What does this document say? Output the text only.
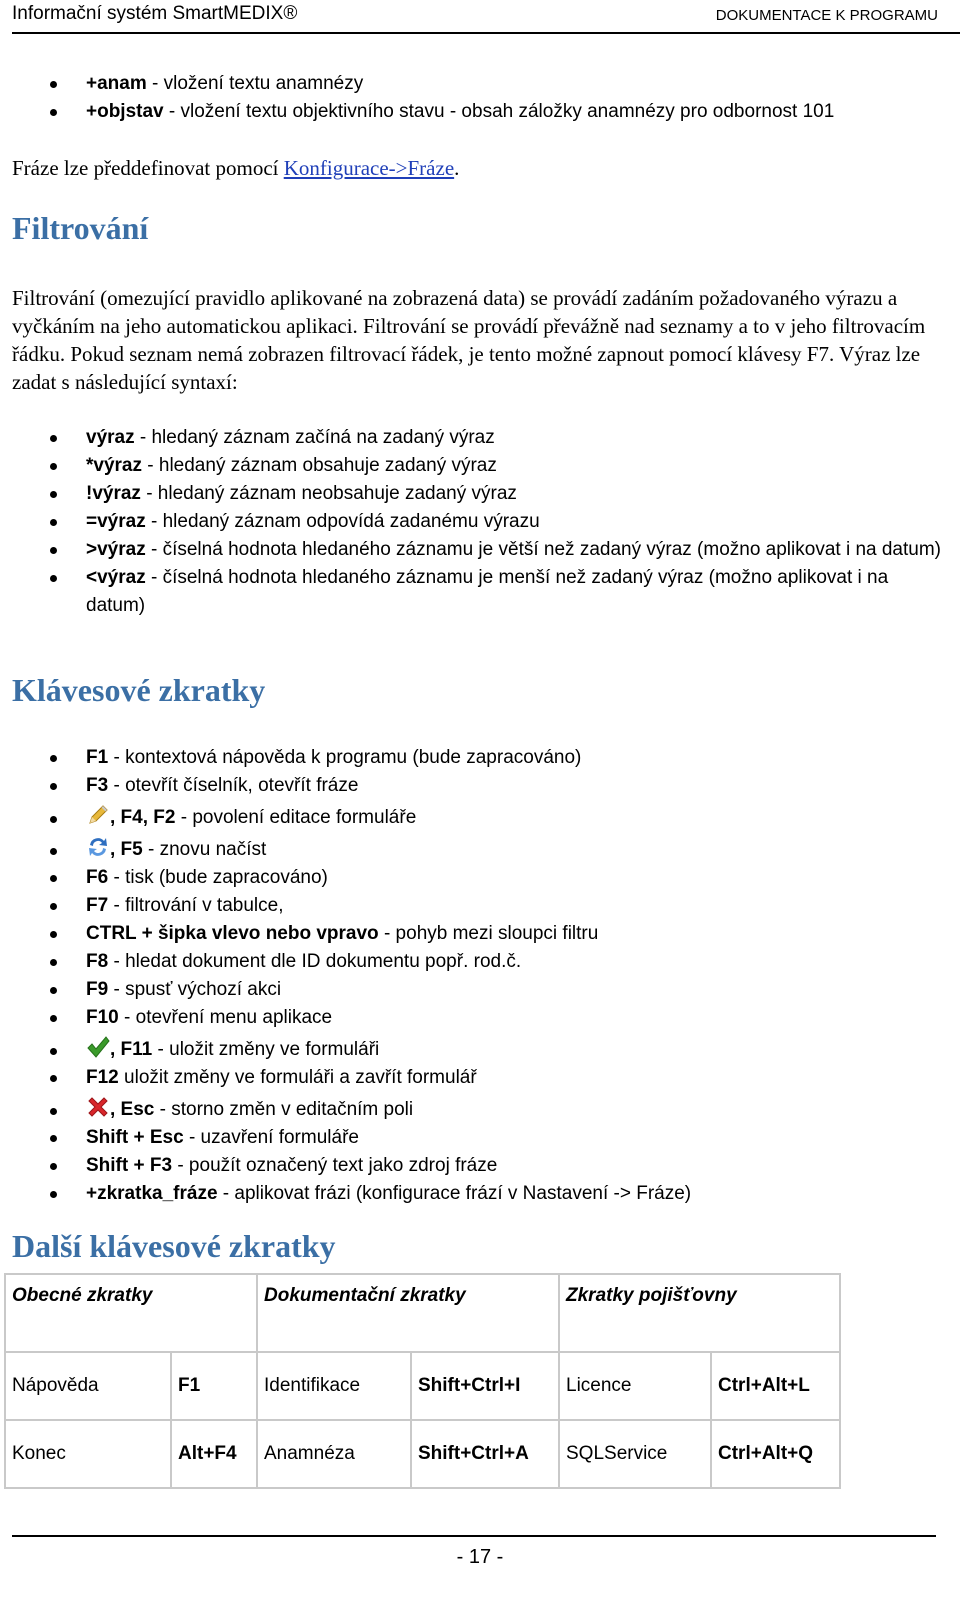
Informační systém SmartMEDIX®	DOKUMENTACE K PROGRAMU
+anam - vložení textu anamnézy
+objstav - vložení textu objektivního stavu - obsah záložky anamnézy pro odbornost 101
Fráze lze předdefinovat pomocí Konfigurace->Fráze.
Filtrování
Filtrování (omezující pravidlo aplikované na zobrazená data) se provádí zadáním požadovaného výrazu a vyčkáním na jeho automatickou aplikaci. Filtrování se provádí převážně nad seznamy a to v jeho filtrovacím řádku. Pokud seznam nemá zobrazen filtrovací řádek, je tento možné zapnout pomocí klávesy F7. Výraz lze zadat s následující syntaxí:
výraz - hledaný záznam začíná na zadaný výraz
*výraz - hledaný záznam obsahuje zadaný výraz
!výraz - hledaný záznam neobsahuje zadaný výraz
=výraz - hledaný záznam odpovídá zadanému výrazu
>výraz - číselná hodnota hledaného záznamu je větší než zadaný výraz (možno aplikovat i na datum)
<výraz - číselná hodnota hledaného záznamu je menší než zadaný výraz (možno aplikovat i na datum)
Klávesové zkratky
F1 - kontextová nápověda k programu (bude zapracováno)
F3 - otevřít číselník, otevřít fráze
, F4, F2 - povolení editace formuláře
, F5 - znovu načíst
F6 - tisk (bude zapracováno)
F7 - filtrování v tabulce,
CTRL + šipka vlevo nebo vpravo - pohyb mezi sloupci filtru
F8 - hledat dokument dle ID dokumentu popř. rod.č.
F9 - spusť výchozí akci
F10 - otevření menu aplikace
, F11 - uložit změny ve formuláři
F12 uložit změny ve formuláři a zavřít formulář
, Esc - storno změn v editačním poli
Shift + Esc - uzavření formuláře
Shift + F3 - použít označený text jako zdroj fráze
+zkratka_fráze - aplikovat frázi (konfigurace frází v Nastavení -> Fráze)
Další klávesové zkratky
Obecné zkratky		Dokumentační zkratky		Zkratky pojišťovny	
Nápověda	F1	Identifikace	Shift+Ctrl+I	Licence	Ctrl+Alt+L
Konec	Alt+F4	Anamnéza	Shift+Ctrl+A	SQLService	Ctrl+Alt+Q
- 17 -
